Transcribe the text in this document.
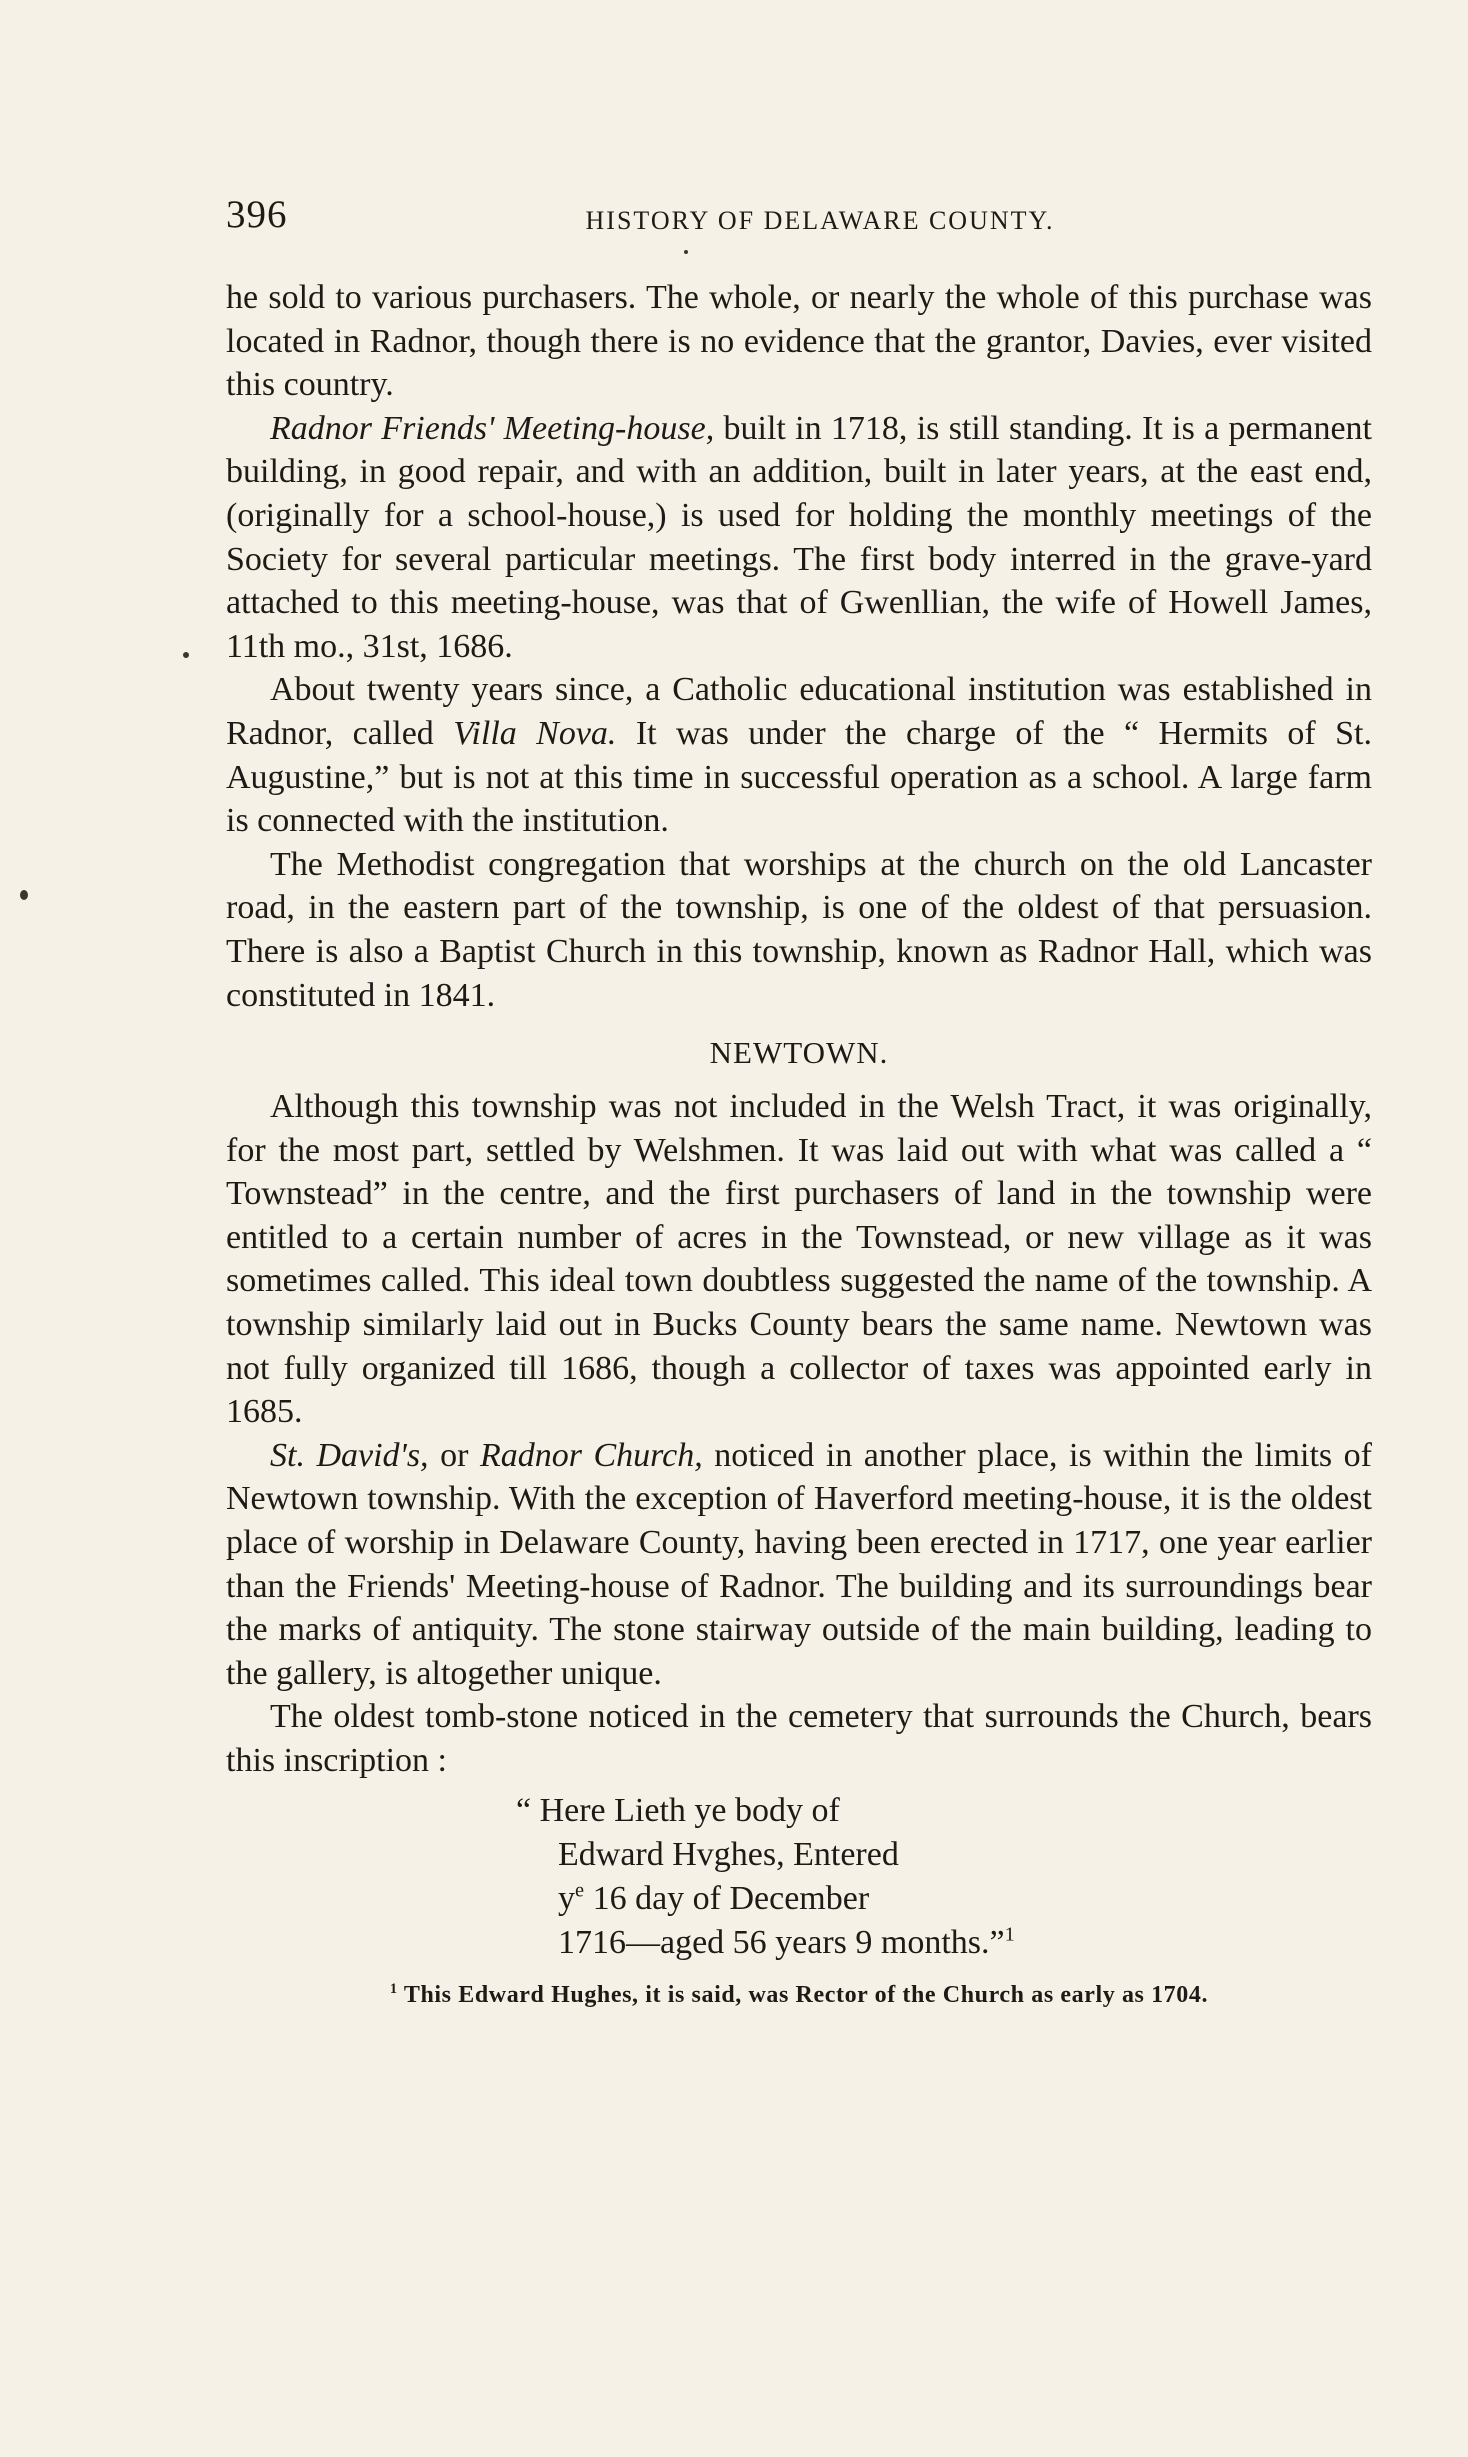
396	HISTORY OF DELAWARE COUNTY.

he sold to various purchasers. The whole, or nearly the whole of this purchase was located in Radnor, though there is no evidence that the grantor, Davies, ever visited this country.

Radnor Friends' Meeting-house, built in 1718, is still standing. It is a permanent building, in good repair, and with an addition, built in later years, at the east end, (originally for a school-house,) is used for holding the monthly meetings of the Society for several particular meetings. The first body interred in the grave-yard attached to this meeting-house, was that of Gwenllian, the wife of Howell James, 11th mo., 31st, 1686.

About twenty years since, a Catholic educational institution was established in Radnor, called Villa Nova. It was under the charge of the “ Hermits of St. Augustine,” but is not at this time in successful operation as a school. A large farm is connected with the institution.

The Methodist congregation that worships at the church on the old Lancaster road, in the eastern part of the township, is one of the oldest of that persuasion. There is also a Baptist Church in this township, known as Radnor Hall, which was constituted in 1841.

NEWTOWN.

Although this township was not included in the Welsh Tract, it was originally, for the most part, settled by Welshmen. It was laid out with what was called a “ Townstead” in the centre, and the first purchasers of land in the township were entitled to a certain number of acres in the Townstead, or new village as it was sometimes called. This ideal town doubtless suggested the name of the township. A township similarly laid out in Bucks County bears the same name. Newtown was not fully organized till 1686, though a collector of taxes was appointed early in 1685.

St. David's, or Radnor Church, noticed in another place, is within the limits of Newtown township. With the exception of Haverford meeting-house, it is the oldest place of worship in Delaware County, having been erected in 1717, one year earlier than the Friends' Meeting-house of Radnor. The building and its surroundings bear the marks of antiquity. The stone stairway outside of the main building, leading to the gallery, is altogether unique.

The oldest tomb-stone noticed in the cemetery that surrounds the Church, bears this inscription :

“ Here Lieth ye body of
Edward Hvghes, Entered
$y^e$ 16 day of December
1716—aged 56 years 9 months.”$^1$
$^1$ This Edward Hughes, it is said, was Rector of the Church as early as 1704.
